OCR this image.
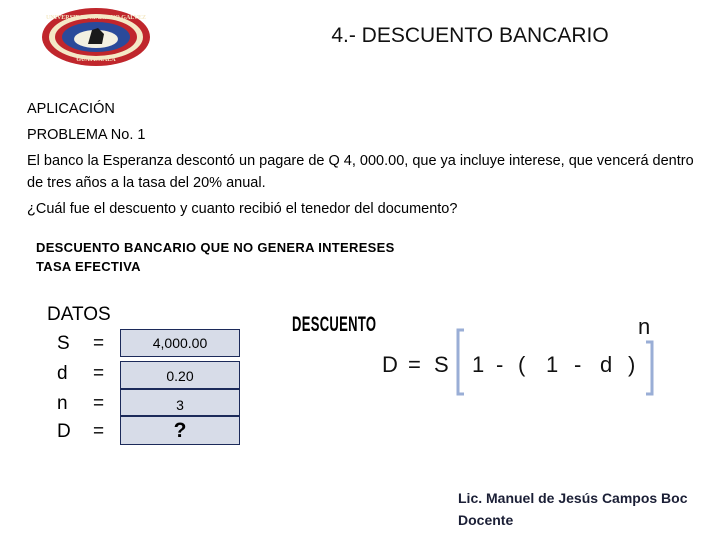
UNIVERSIDAD MARIANO GALVEZ
GUATEMALA
4.- DESCUENTO BANCARIO
APLICACIÓN
PROBLEMA No. 1
El banco la Esperanza descontó un pagare de Q 4, 000.00, que ya incluye interese, que vencerá dentro de tres años a la tasa del 20% anual.
¿Cuál fue el descuento y cuanto recibió el tenedor del documento?
DESCUENTO BANCARIO QUE NO GENERA INTERESES
TASA EFECTIVA
DATOS
S =	4,000.00
d =	0.20
n =	3
D =	?
DESCUENTO
D = S 1 - ( 1 - d )
n
Lic. Manuel de Jesús Campos Boc
Docente
